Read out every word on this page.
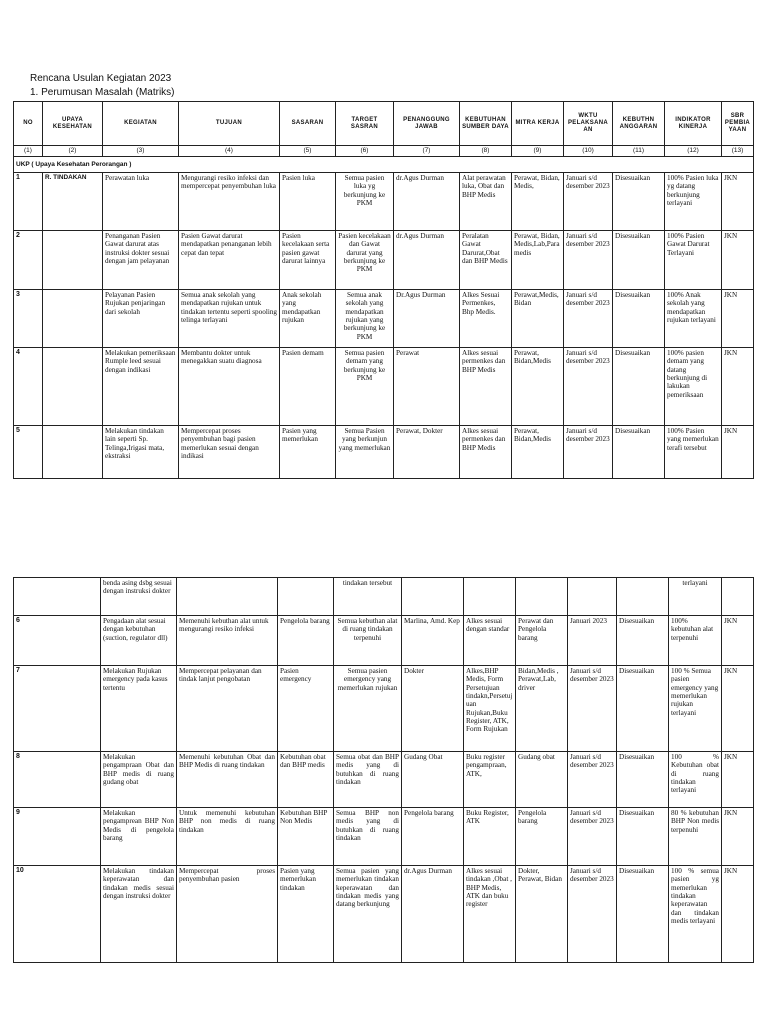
Rencana Usulan Kegiatan 2023
1. Perumusan Masalah (Matriks)
NO	UPAYA KESEHATAN	KEGIATAN	TUJUAN	SASARAN	TARGET SASRAN	PENANGGUNG JAWAB	KEBUTUHAN SUMBER DAYA	MITRA KERJA	WKTU PELAKSANAAN	KEBUTHN ANGGARAN	INDIKATOR KINERJA	SBR PEMBIAYAAN
(1)	(2)	(3)	(4)	(5)	(6)	(7)	(8)	(9)	(10)	(11)	(12)	(13)
UKP ( Upaya Kesehatan Perorangan )												
1	R. TINDAKAN	Perawatan luka	Mengurangi resiko infeksi dan mempercepat penyembuhan luka	Pasien luka	Semua pasien luka yg berkunjung ke PKM	dr.Agus Durman	Alat perawatan luka, Obat dan BHP Medis	Perawat, Bidan, Medis,	Januari s/d desember 2023	Disesuaikan	100% Pasien luka yg datang berkunjung terlayani	JKN
2		Penanganan Pasien Gawat darurat atas instruksi dokter sesuai dengan jam pelayanan	Pasien Gawat darurat mendapatkan penanganan lebih cepat dan tepat	Pasien kecelakaan serta pasien gawat darurat lainnya	Pasien kecelakaan dan Gawat darurat yang berkunjung ke PKM	dr.Agus Durman	Peralatan Gawat Darurat,Obat dan BHP Medis	Perawat, Bidan, Medis,Lab,Paramedis	Januari s/d desember 2023	Disesuaikan	100% Pasien Gawat Darurat Terlayani	JKN
3		Pelayanan Pasien Rujukan penjaringan dari sekolah	Semua anak sekolah yang mendapatkan rujukan untuk tindakan tertentu seperti spooling telinga terlayani	Anak sekolah yang mendapatkan rujukan	Semua anak sekolah yang mendapatkan rujukan yang berkunjung ke PKM	Dr.Agus Durman	Alkes Sesuai Permenkes, Bhp Medis.	Perawat,Medis, Bidan	Januari s/d desember 2023	Disesuaikan	100% Anak sekolah yang mendapatkan rujukan terlayani	JKN
4		Melakukan pemeriksaan Rumple leed sesuai dengan indikasi	Membantu dokter untuk menegakkan suatu diagnosa	Pasien demam	Semua pasien demam yang berkunjung ke PKM	Perawat	Alkes sesuai permenkes dan BHP Medis	Perawat, Bidan,Medis	Januari s/d desember 2023	Disesuaikan	100% pasien demam yang datang berkunjung di lakukan pemeriksaan	JKN
5		Melakukan tindakan lain seperti Sp. Telinga,Irigasi mata, ekstraksi	Mempercepat proses penyembuhan bagi pasien memerlukan sesuai dengan indikasi	Pasien yang memerlukan	Semua Pasien yang berkunjun yang memerlukan	Perawat, Dokter	Alkes sesuai permenkes dan BHP Medis	Perawat, Bidan,Medis	Januari s/d desember 2023	Disesuaikan	100% Pasien yang memerlukan terafi tersebut	JKN
	benda asing dsbg sesuai dengan instruksi dokter			tindakan tersebut						terlayani	
6	Pengadaan alat sesuai dengan kebutuhan (suction, regulator dll)	Memenuhi kebuthan alat untuk mengurangi resiko infeksi	Pengelola barang	Semua kebuthan alat di ruang tindakan terpenuhi	Marlina, Amd. Kep	Alkes sesuai dengan standar	Perawat dan Pengelola barang	Januari 2023	Disesuaikan	100% kebutuhan alat terpenuhi	JKN
7	Melakukan Rujukan emergency pada kasus tertentu	Mempercepat pelayanan dan tindak lanjut pengobatan	Pasien emergency	Semua pasien emergency yang memerlukan rujukan	Dokter	Alkes,BHP Medis, Form Persetujuan tindakn,Persetujuan Rujukan,Buku Register, ATK, Form Rujukan	Bidan,Medis , Perawat,Lab, driver	Januari s/d desember 2023	Disesuaikan	100 % Semua pasien emergency yang memerlukan rujukan terlayani	JKN
8	Melakukan pengampraan Obat dan BHP medis di ruang gudang obat	Memenuhi kebutuhan Obat dan BHP Medis di ruang tindakan	Kebutuhan obat dan BHP medis	Semua obat dan BHP medis yang di butuhkan di ruang tindakan	Gudang Obat	Buku register pengampraan, ATK,	Gudang obat	Januari s/d desember 2023	Disesuaikan	100 % Kebutuhan obat di ruang tindakan terlayani	JKN
9	Melakukan pengamprean BHP Non Medis di pengelola barang	Untuk memenuhi kebutuhan BHP non medis di ruang tindakan	Kebutuhan BHP Non Medis	Semua BHP non medis yang di butuhkan di ruang tindakan	Pengelola barang	Buku Register, ATK	Pengelola barang	Januari s/d desember 2023	Disesuaikan	80 % kebutuhan BHP Non medis terpenuhi	JKN
10	Melakukan tindakan keperawatan dan tindakan medis sesuai dengan instruksi dokter	Mempercepat proses penyembuhan pasien	Pasien yang memerlukan tindakan	Semua pasien yang memerlukan tindakan keperawatan dan tindakan medis yang datang berkunjung	dr.Agus Durman	Alkes sesuai tindakan ,Obat , BHP Medis, ATK dan buku register	Dokter, Perawat, Bidan	Januari s/d desember 2023	Disesuaikan	100 % semua pasien yg memerlukan tindakan keperawatan dan tindakan medis terlayani	JKN
